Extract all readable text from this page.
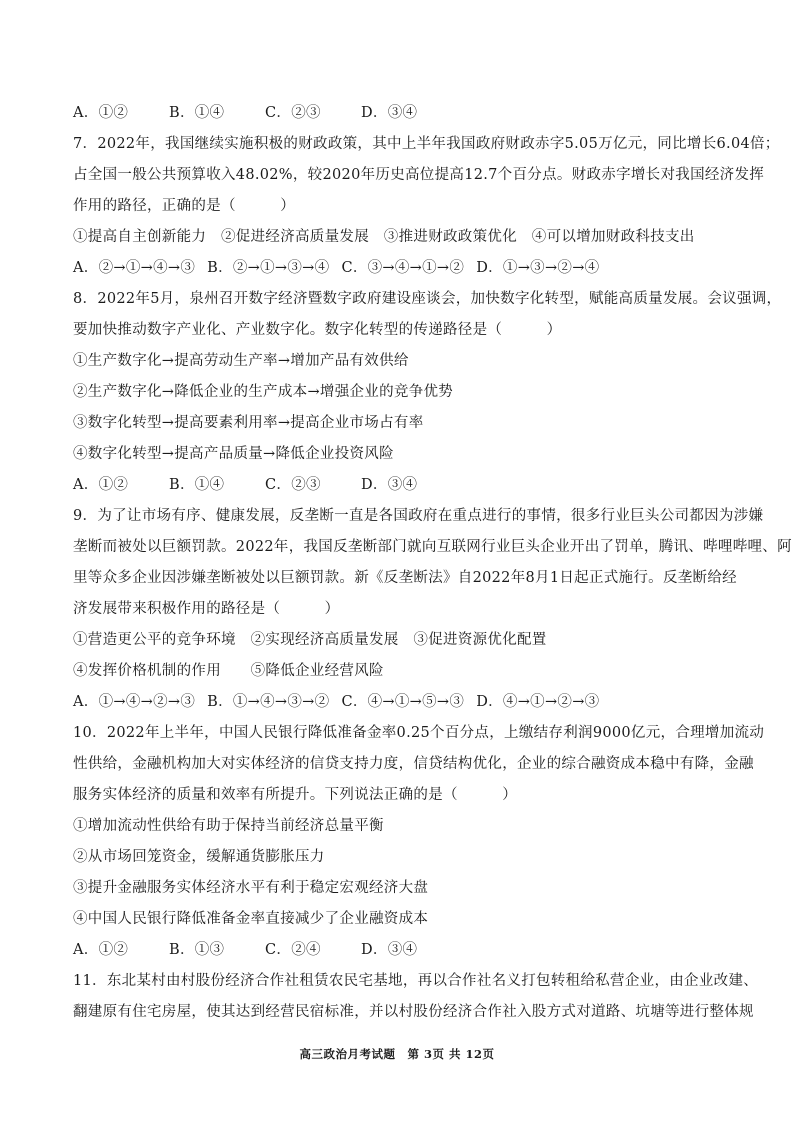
A．①②	B．①④	C．②③	D．③④
7．2022年，我国继续实施积极的财政政策，其中上半年我国政府财政赤字5.05万亿元，同比增长6.04倍；
占全国一般公共预算收入48.02%，较2020年历史高位提高12.7个百分点。财政赤字增长对我国经济发挥
作用的路径，正确的是（　　　）
①提高自主创新能力　②促进经济高质量发展　③推进财政政策优化　④可以增加财政科技支出
A．②→①→④→③ B．②→①→③→④ C．③→④→①→② D．①→③→②→④
8．2022年5月，泉州召开数字经济暨数字政府建设座谈会，加快数字化转型，赋能高质量发展。会议强调，
要加快推动数字产业化、产业数字化。数字化转型的传递路径是（　　　）
①生产数字化→提高劳动生产率→增加产品有效供给
②生产数字化→降低企业的生产成本→增强企业的竞争优势
③数字化转型→提高要素利用率→提高企业市场占有率
④数字化转型→提高产品质量→降低企业投资风险
A．①②	B．①④	C．②③	D．③④
9．为了让市场有序、健康发展，反垄断一直是各国政府在重点进行的事情，很多行业巨头公司都因为涉嫌
垄断而被处以巨额罚款。2022年，我国反垄断部门就向互联网行业巨头企业开出了罚单，腾讯、哔哩哔哩、阿
里等众多企业因涉嫌垄断被处以巨额罚款。新《反垄断法》自2022年8月1日起正式施行。反垄断给经
济发展带来积极作用的路径是（　　　）
①营造更公平的竞争环境　②实现经济高质量发展　③促进资源优化配置
④发挥价格机制的作用　　⑤降低企业经营风险
A．①→④→②→③ B．①→④→③→② C．④→①→⑤→③ D．④→①→②→③
10．2022年上半年，中国人民银行降低准备金率0.25个百分点，上缴结存利润9000亿元，合理增加流动
性供给，金融机构加大对实体经济的信贷支持力度，信贷结构优化，企业的综合融资成本稳中有降，金融
服务实体经济的质量和效率有所提升。下列说法正确的是（　　　）
①增加流动性供给有助于保持当前经济总量平衡
②从市场回笼资金，缓解通货膨胀压力
③提升金融服务实体经济水平有利于稳定宏观经济大盘
④中国人民银行降低准备金率直接减少了企业融资成本
A．①②	B．①③	C．②④	D．③④
11．东北某村由村股份经济合作社租赁农民宅基地，再以合作社名义打包转租给私营企业，由企业改建、
翻建原有住宅房屋，使其达到经营民宿标准，并以村股份经济合作社入股方式对道路、坑塘等进行整体规
高三政治月考试题　第 3页 共 12页
